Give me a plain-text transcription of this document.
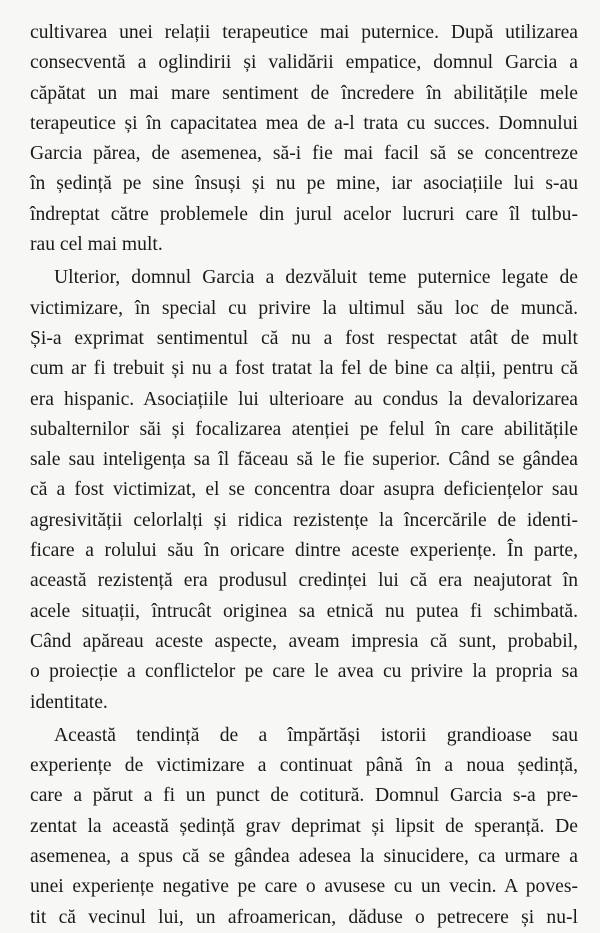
cultivarea unei relații terapeutice mai puternice. După utilizarea
consecventă a oglindirii și validării empatice, domnul Garcia a
căpătat un mai mare sentiment de încredere în abilitățile mele
terapeutice și în capacitatea mea de a-l trata cu succes. Domnului
Garcia părea, de asemenea, să-i fie mai facil să se concentreze
în ședință pe sine însuși și nu pe mine, iar asociațiile lui s-au
îndreptat către problemele din jurul acelor lucruri care îl tulbu-
rau cel mai mult.
Ulterior, domnul Garcia a dezvăluit teme puternice legate de
victimizare, în special cu privire la ultimul său loc de muncă.
Și-a exprimat sentimentul că nu a fost respectat atât de mult
cum ar fi trebuit și nu a fost tratat la fel de bine ca alții, pentru că
era hispanic. Asociațiile lui ulterioare au condus la devalorizarea
subalternilor săi și focalizarea atenției pe felul în care abilitățile
sale sau inteligența sa îl făceau să le fie superior. Când se gândea
că a fost victimizat, el se concentra doar asupra deficiențelor sau
agresivității celorlalți și ridica rezistențe la încercările de identi-
ficare a rolului său în oricare dintre aceste experiențe. În parte,
această rezistență era produsul credinței lui că era neajutorat în
acele situații, întrucât originea sa etnică nu putea fi schimbată.
Când apăreau aceste aspecte, aveam impresia că sunt, probabil,
o proiecție a conflictelor pe care le avea cu privire la propria sa
identitate.
Această tendință de a împărtăși istorii grandioase sau
experiențe de victimizare a continuat până în a noua ședință,
care a părut a fi un punct de cotitură. Domnul Garcia s-a pre-
zentat la această ședință grav deprimat și lipsit de speranță. De
asemenea, a spus că se gândea adesea la sinucidere, ca urmare a
unei experiențe negative pe care o avusese cu un vecin. A poves-
tit că vecinul lui, un afroamerican, dăduse o petrecere și nu-l
